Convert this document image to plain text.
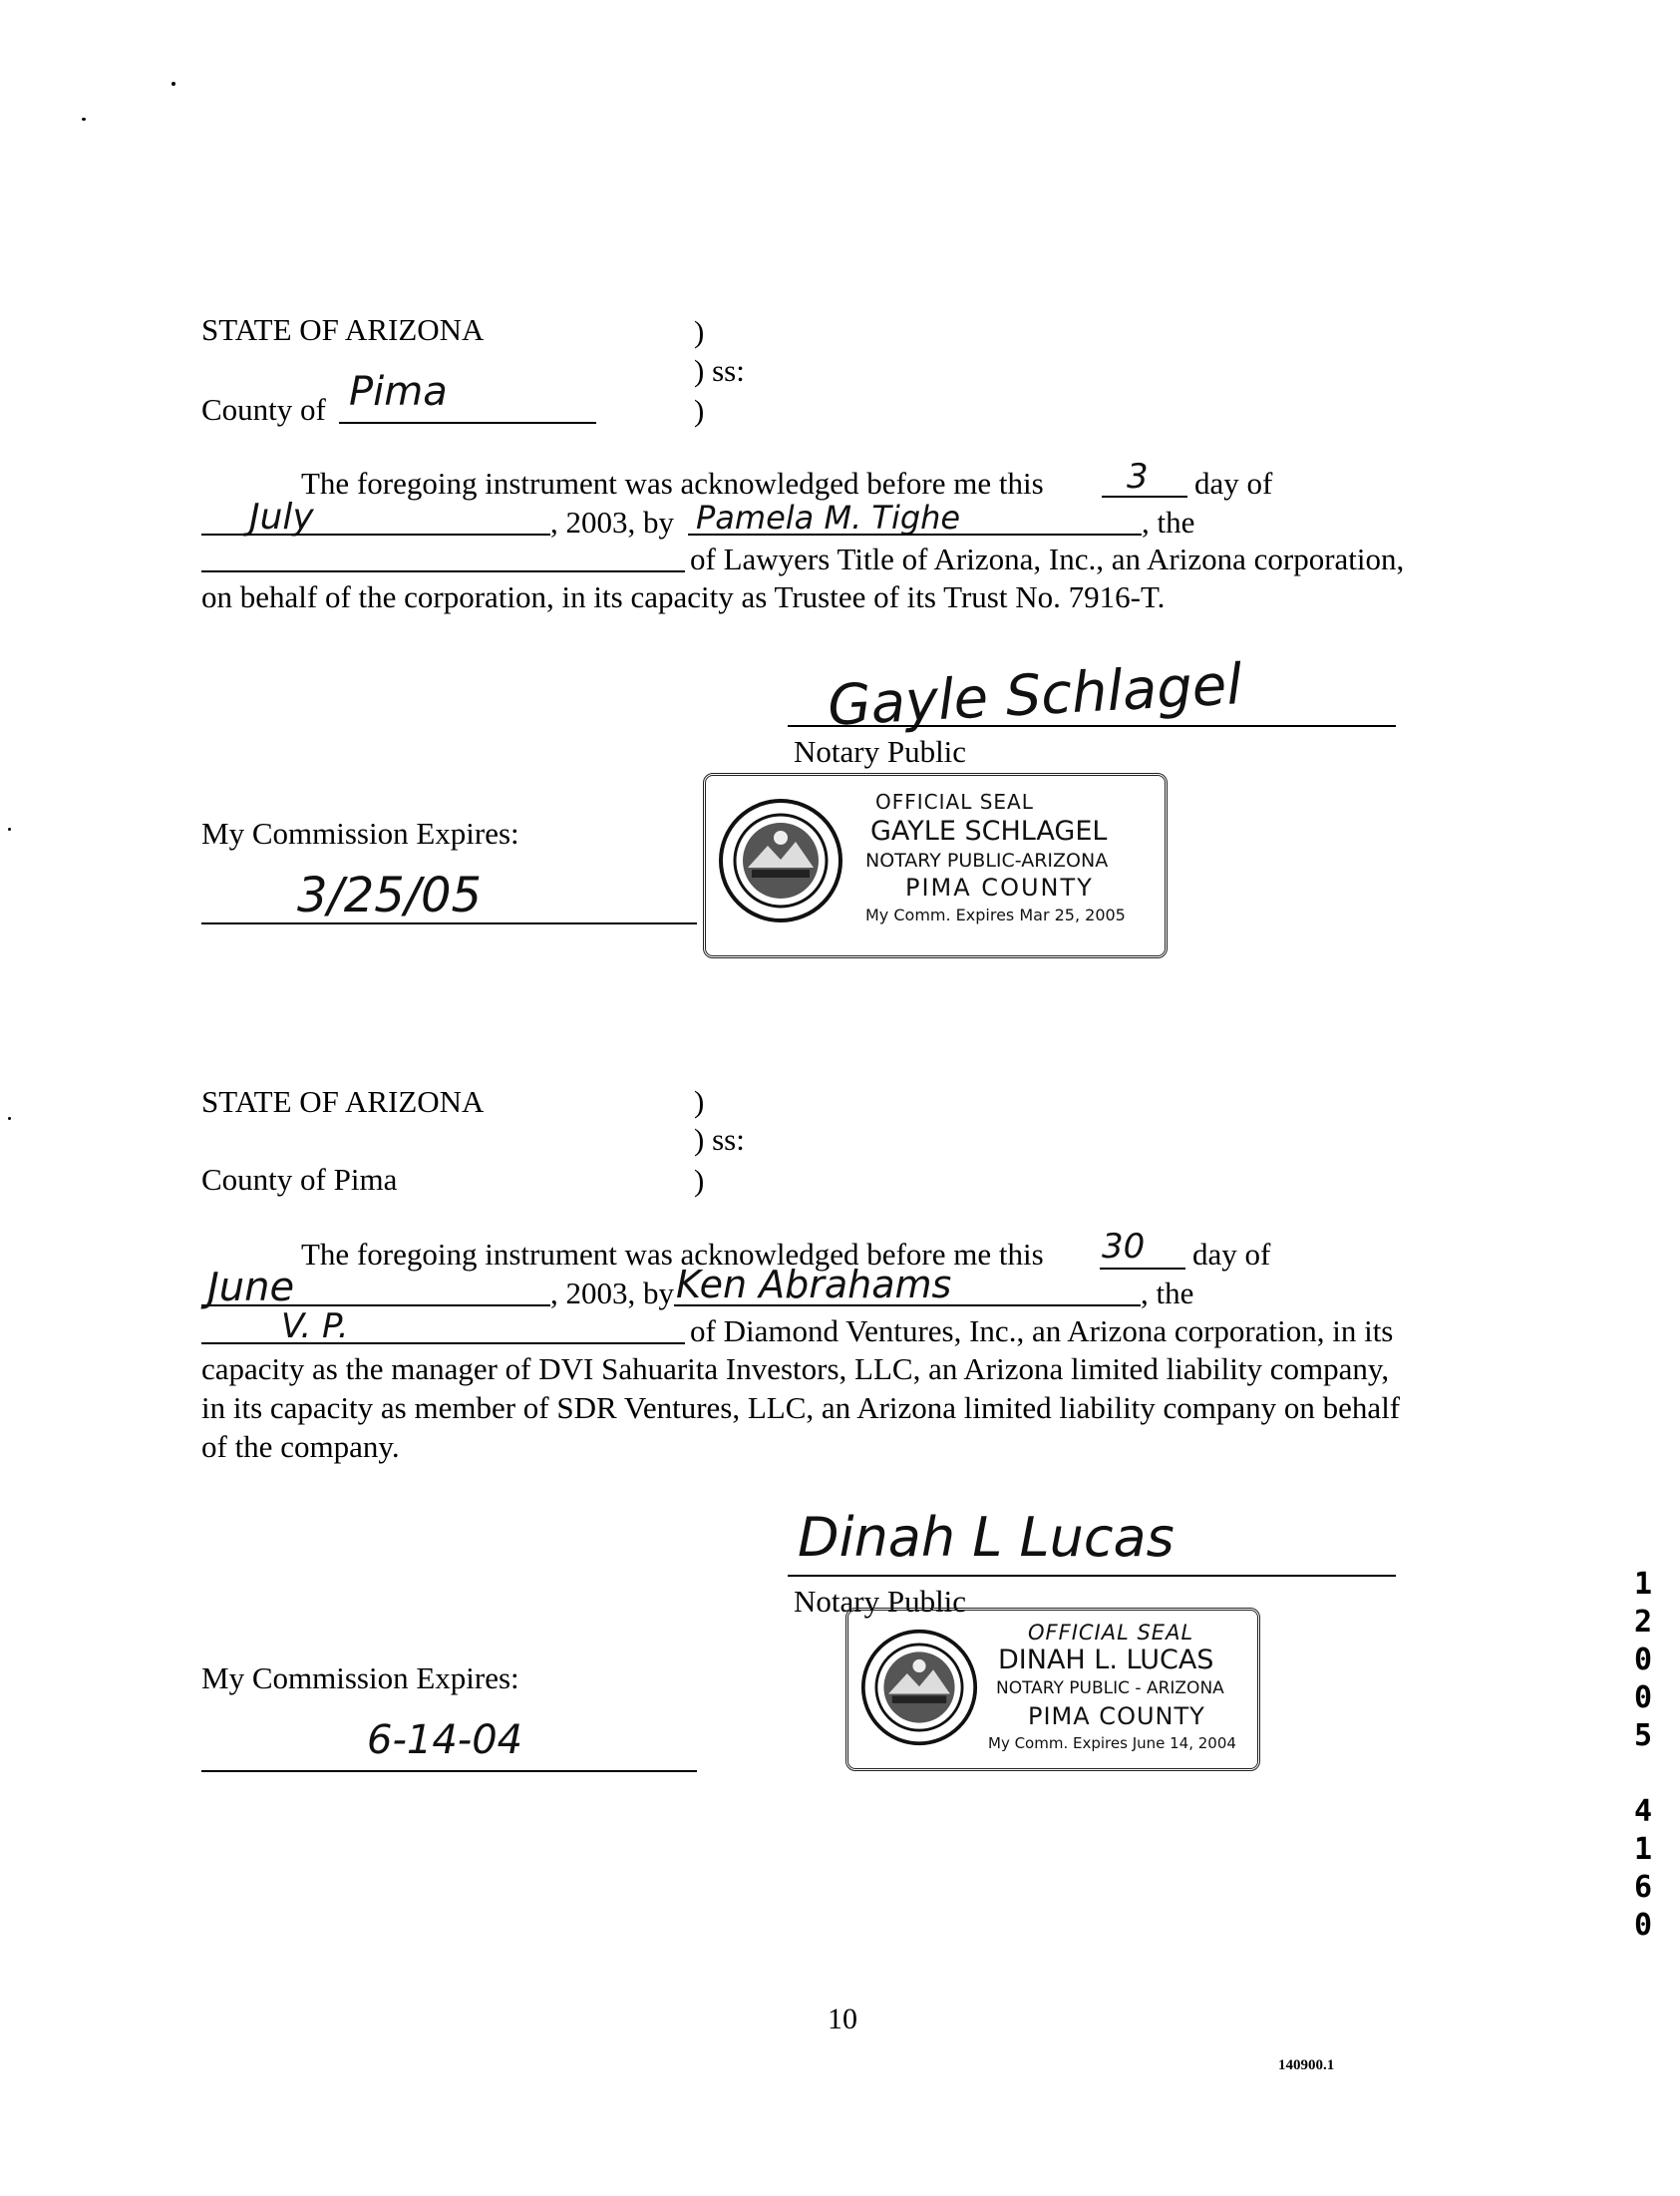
STATE OF ARIZONA	)
) ss:
)
County of Pima
The foregoing instrument was acknowledged before me this 3 day of
July	, 2003, by Pamela M. Tighe	, the
of Lawyers Title of Arizona, Inc., an Arizona corporation,
on behalf of the corporation, in its capacity as Trustee of its Trust No. 7916-T.
Gayle Schlagel
Notary Public
My Commission Expires:
3/25/05
OFFICIAL SEAL
GAYLE SCHLAGEL
NOTARY PUBLIC-ARIZONA
PIMA COUNTY
My Comm. Expires Mar 25, 2005
STATE OF ARIZONA	)
) ss:
)
County of Pima
The foregoing instrument was acknowledged before me this 30 day of
June	, 2003, by Ken Abrahams	, the
V. P.	of Diamond Ventures, Inc., an Arizona corporation, in its
capacity as the manager of DVI Sahuarita Investors, LLC, an Arizona limited liability company,
in its capacity as member of SDR Ventures, LLC, an Arizona limited liability company on behalf
of the company.
Dinah L Lucas
Notary Public
My Commission Expires:
6-14-04
OFFICIAL SEAL
DINAH L. LUCAS
NOTARY PUBLIC - ARIZONA
PIMA COUNTY
My Comm. Expires June 14, 2004
1
2
0
0
5
4
1
6
0
10
140900.1
